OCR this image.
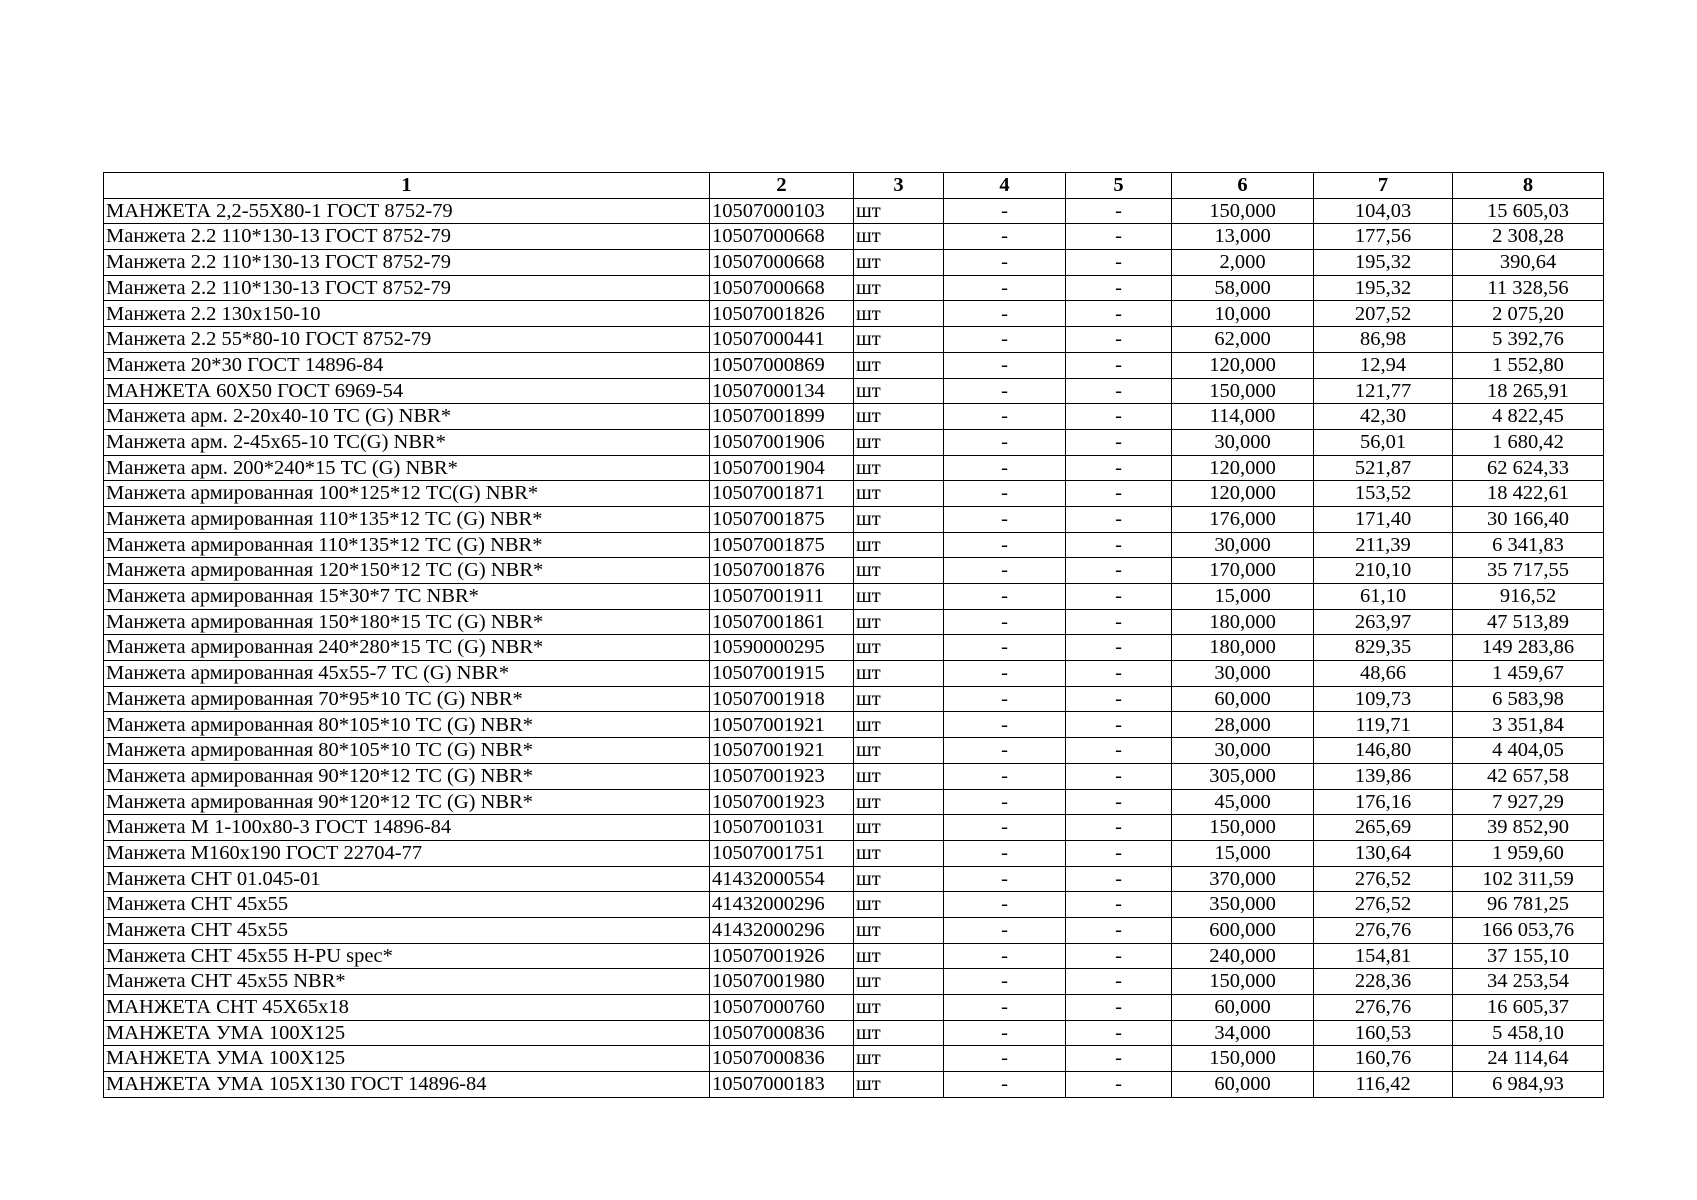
1	2	3	4	5	6	7	8
МАНЖЕТА 2,2-55Х80-1 ГОСТ 8752-79	10507000103	шт	-	-	150,000	104,03	15 605,03
Манжета 2.2 110*130-13 ГОСТ 8752-79	10507000668	шт	-	-	13,000	177,56	2 308,28
Манжета 2.2 110*130-13 ГОСТ 8752-79	10507000668	шт	-	-	2,000	195,32	390,64
Манжета 2.2 110*130-13 ГОСТ 8752-79	10507000668	шт	-	-	58,000	195,32	11 328,56
Манжета 2.2 130х150-10	10507001826	шт	-	-	10,000	207,52	2 075,20
Манжета 2.2 55*80-10 ГОСТ 8752-79	10507000441	шт	-	-	62,000	86,98	5 392,76
Манжета 20*30 ГОСТ 14896-84	10507000869	шт	-	-	120,000	12,94	1 552,80
МАНЖЕТА 60Х50 ГОСТ 6969-54	10507000134	шт	-	-	150,000	121,77	18 265,91
Манжета арм. 2-20х40-10 ТС (G) NBR*	10507001899	шт	-	-	114,000	42,30	4 822,45
Манжета арм. 2-45х65-10 ТС(G) NBR*	10507001906	шт	-	-	30,000	56,01	1 680,42
Манжета арм. 200*240*15 ТС (G) NBR*	10507001904	шт	-	-	120,000	521,87	62 624,33
Манжета армированная 100*125*12 ТС(G) NBR*	10507001871	шт	-	-	120,000	153,52	18 422,61
Манжета армированная 110*135*12 ТС (G) NBR*	10507001875	шт	-	-	176,000	171,40	30 166,40
Манжета армированная 110*135*12 ТС (G) NBR*	10507001875	шт	-	-	30,000	211,39	6 341,83
Манжета армированная 120*150*12 ТС (G) NBR*	10507001876	шт	-	-	170,000	210,10	35 717,55
Манжета армированная 15*30*7 ТС NBR*	10507001911	шт	-	-	15,000	61,10	916,52
Манжета армированная 150*180*15 ТС (G) NBR*	10507001861	шт	-	-	180,000	263,97	47 513,89
Манжета армированная 240*280*15 ТС (G) NBR*	10590000295	шт	-	-	180,000	829,35	149 283,86
Манжета армированная 45х55-7 ТС (G) NBR*	10507001915	шт	-	-	30,000	48,66	1 459,67
Манжета армированная 70*95*10 ТС (G) NBR*	10507001918	шт	-	-	60,000	109,73	6 583,98
Манжета армированная 80*105*10 ТС (G) NBR*	10507001921	шт	-	-	28,000	119,71	3 351,84
Манжета армированная 80*105*10 ТС (G) NBR*	10507001921	шт	-	-	30,000	146,80	4 404,05
Манжета армированная 90*120*12 ТС (G) NBR*	10507001923	шт	-	-	305,000	139,86	42 657,58
Манжета армированная 90*120*12 ТС (G) NBR*	10507001923	шт	-	-	45,000	176,16	7 927,29
Манжета М 1-100х80-3 ГОСТ 14896-84	10507001031	шт	-	-	150,000	265,69	39 852,90
Манжета М160х190 ГОСТ 22704-77	10507001751	шт	-	-	15,000	130,64	1 959,60
Манжета СНТ 01.045-01	41432000554	шт	-	-	370,000	276,52	102 311,59
Манжета СНТ 45х55	41432000296	шт	-	-	350,000	276,52	96 781,25
Манжета СНТ 45х55	41432000296	шт	-	-	600,000	276,76	166 053,76
Манжета СНТ 45х55 H-PU spec*	10507001926	шт	-	-	240,000	154,81	37 155,10
Манжета СНТ 45х55 NBR*	10507001980	шт	-	-	150,000	228,36	34 253,54
МАНЖЕТА СНТ 45Х65х18	10507000760	шт	-	-	60,000	276,76	16 605,37
МАНЖЕТА УМА 100Х125	10507000836	шт	-	-	34,000	160,53	5 458,10
МАНЖЕТА УМА 100Х125	10507000836	шт	-	-	150,000	160,76	24 114,64
МАНЖЕТА УМА 105Х130 ГОСТ 14896-84	10507000183	шт	-	-	60,000	116,42	6 984,93
